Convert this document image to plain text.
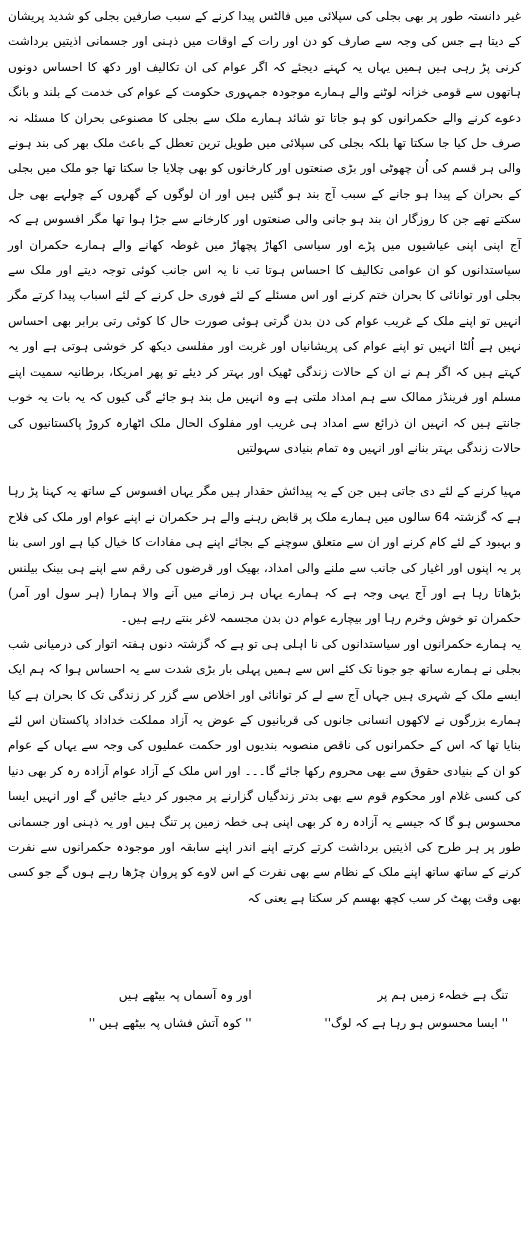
غیر دانستہ طور پر بھی بجلی کی سپلائی میں فالٹس پیدا کرنے کے سبب صارفین بجلی کو شدید پریشان کے دیتا ہے جس کی وجہ سے صارف کو دن اور رات کے اوقات میں ذہنی اور جسمانی اذیتیں برداشت کرنی پڑ رہی ہیں ہمیں یہاں یہ کہنے دیجئے کہ اگر عوام کی ان تکالیف اور دکھ کا احساس دونوں ہاتھوں سے قومی خزانہ لوٹنے والے ہمارے موجودہ جمہوری حکومت کے عوام کی خدمت کے بلند و بانگ دعوے کرنے والے حکمرانوں کو ہو جاتا تو شائد ہمارے ملک سے بجلی کا مصنوعی بحران کا مسئلہ نہ صرف حل کیا جا سکتا تھا بلکہ بجلی کی سپلائی میں طویل ترین تعطل کے باعث ملک بھر کی بند ہونے والی ہر قسم کی اُن چھوٹی اور بڑی صنعتوں اور کارخانوں کو بھی چلایا جا سکتا تھا جو ملک میں بجلی کے بحران کے پیدا ہو جانے کے سبب آج بند ہو گئیں ہیں اور ان لوگوں کے گھروں کے چولہے بھی جل سکتے تھے جن کا روزگار ان بند ہو جانی والی صنعتوں اور کارخانے سے جڑا ہوا تھا مگر افسوس ہے کہ آج اپنی اپنی عیاشیوں میں پڑے اور سیاسی اکھاڑ پچھاڑ میں غوطہ کھانے والے ہمارے حکمران اور سیاستدانوں کو ان عوامی تکالیف کا احساس ہوتا تب نا یہ اس جانب کوئی توجہ دیتے اور ملک سے بجلی اور توانائی کا بحران ختم کرنے اور اس مسئلے کے لئے فوری حل کرنے کے لئے اسباب پیدا کرتے مگر انہیں تو اپنے ملک کے غریب عوام کی دن بدن گرتی ہوئی صورت حال کا کوئی رتی برابر بھی احساس نہیں ہے اُلٹا انہیں تو اپنے عوام کی پریشانیاں اور غربت اور مفلسی دیکھ کر خوشی ہوتی ہے اور یہ کہتے ہیں کہ اگر ہم نے ان کے حالات زندگی ٹھیک اور بہتر کر دیئے تو پھر امریکا، برطانیہ سمیت اپنے مسلم اور فرینڈز ممالک سے ہم امداد ملتی ہے وہ انہیں مل بند ہو جائے گی کیوں کہ یہ بات یہ خوب جانتے ہیں کہ انہیں ان ذرائع سے امداد ہی غریب اور مفلوک الحال ملک اٹھارہ کروڑ پاکستانیوں کی حالات زندگی بہتر بنانے اور انہیں وہ تمام بنیادی سہولتیں

مہیا کرنے کے لئے دی جاتی ہیں جن کے یہ پیدائش حقدار ہیں مگر یہاں افسوس کے ساتھ یہ کہنا پڑ رہا ہے کہ گزشتہ 64 سالوں میں ہمارے ملک پر قابض رہنے والے ہر حکمران نے اپنے عوام اور ملک کی فلاح و بہبود کے لئے کام کرنے اور ان سے متعلق سوچنے کے بجائے اپنے ہی مفادات کا خیال کیا ہے اور اسی بنا پر یہ اپنوں اور اغیار کی جانب سے ملنے والی امداد، بھیک اور قرضوں کی رقم سے اپنے ہی بینک بیلنس بڑھاتا رہا ہے اور آج یہی وجہ ہے کہ ہمارے یہاں ہر زمانے میں آنے والا ہمارا (ہر سول اور آمر) حکمران تو خوش وخرم رہا اور بیچارے عوام دن بدن مجسمہ لاغر بنتے رہے ہیں۔

یہ ہمارے حکمرانوں اور سیاستدانوں کی نا اہلی ہی تو ہے کہ گزشتہ دنوں ہفتہ اتوار کی درمیانی شب بجلی نے ہمارے ساتھ جو جونا تک کئے اس سے ہمیں پہلی بار بڑی شدت سے یہ احساس ہوا کہ ہم ایک ایسے ملک کے شہری ہیں جہاں آج سے لے کر توانائی اور اخلاص سے گزر کر زندگی تک کا بحران ہے کیا ہمارے بزرگوں نے لاکھوں انسانی جانوں کی قربانیوں کے عوض یہ آزاد مملکت خداداد پاکستان اس لئے بنایا تھا کہ اس کے حکمرانوں کی ناقص منصوبہ بندیوں اور حکمت عملیوں کی وجہ سے یہاں کے عوام کو ان کے بنیادی حقوق سے بھی محروم رکھا جائے گا۔۔۔ اور اس ملک کے آزاد عوام آزادہ رہ کر بھی دنیا کی کسی غلام اور محکوم قوم سے بھی بدتر زندگیاں گزارنے پر مجبور کر دیئے جائیں گے اور انہیں ایسا محسوس ہو گا کہ جیسے یہ آزادہ رہ کر بھی اپنی ہی خطہ زمین پر تنگ ہیں اور یہ ذہنی اور جسمانی طور پر ہر طرح کی اذیتیں برداشت کرتے کرتے اپنے اندر اپنے سابقہ اور موجودہ حکمرانوں سے نفرت کرنے کے ساتھ ساتھ اپنے ملک کے نظام سے بھی نفرت کے اس لاوے کو پروان چڑھا رہے ہوں گے جو کسی بھی وقت پھٹ کر سب کچھ بھسم کر سکتا ہے یعنی کہ

تنگ ہے خطہء زمیں ہم پر
'' ایسا محسوس ہو رہا ہے کہ لوگ''
اور وہ آسماں پہ بیٹھے ہیں
'' کوہ آتش فشاں پہ بیٹھے ہیں ''
